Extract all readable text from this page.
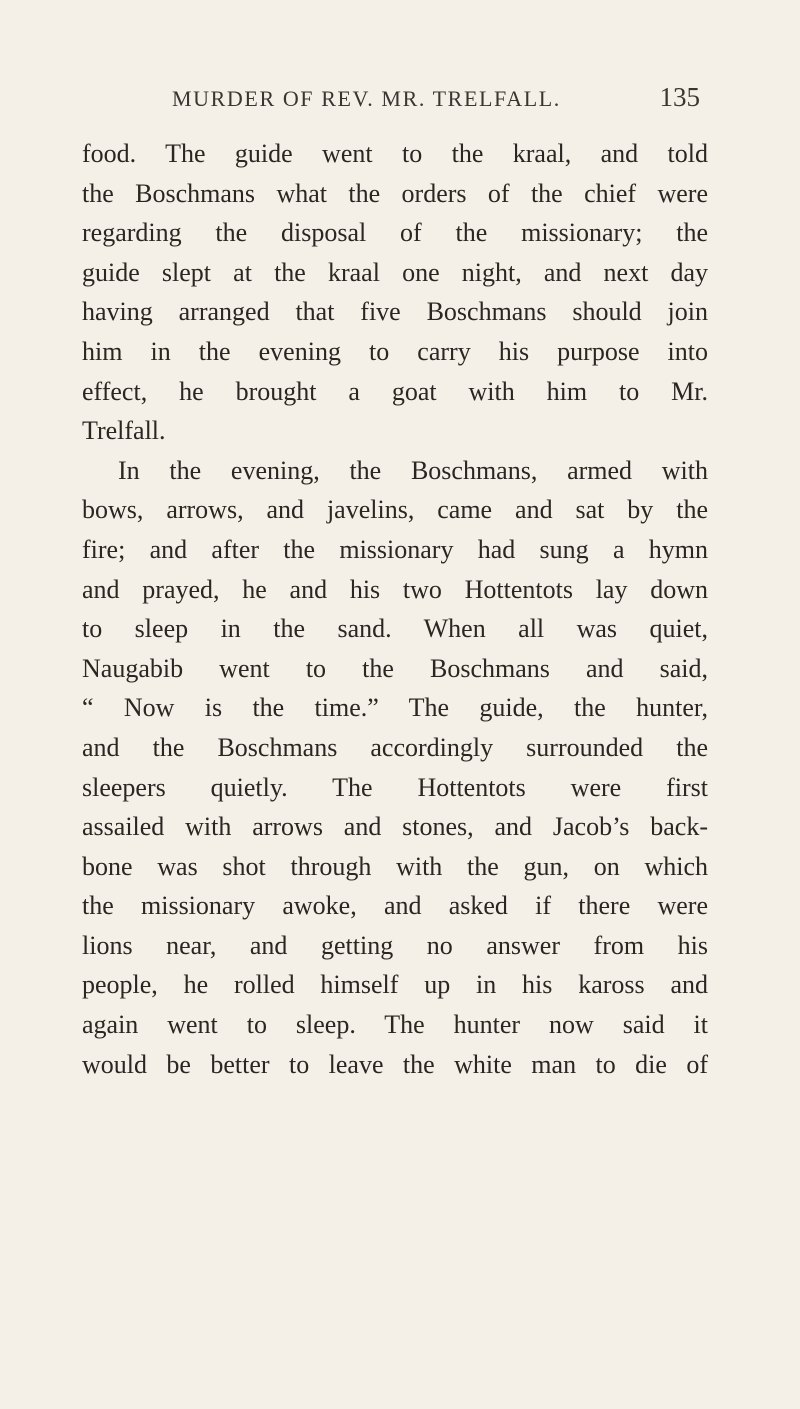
MURDER OF REV. MR. TRELFALL.	135
food. The guide went to the kraal, and told
the Boschmans what the orders of the chief were
regarding the disposal of the missionary; the
guide slept at the kraal one night, and next day
having arranged that five Boschmans should join
him in the evening to carry his purpose into
effect, he brought a goat with him to Mr.
Trelfall.
In the evening, the Boschmans, armed with
bows, arrows, and javelins, came and sat by the
fire; and after the missionary had sung a hymn
and prayed, he and his two Hottentots lay down
to sleep in the sand. When all was quiet,
Naugabib went to the Boschmans and said,
“ Now is the time.” The guide, the hunter,
and the Boschmans accordingly surrounded the
sleepers quietly. The Hottentots were first
assailed with arrows and stones, and Jacob’s back-
bone was shot through with the gun, on which
the missionary awoke, and asked if there were
lions near, and getting no answer from his
people, he rolled himself up in his kaross and
again went to sleep. The hunter now said it
would be better to leave the white man to die of
